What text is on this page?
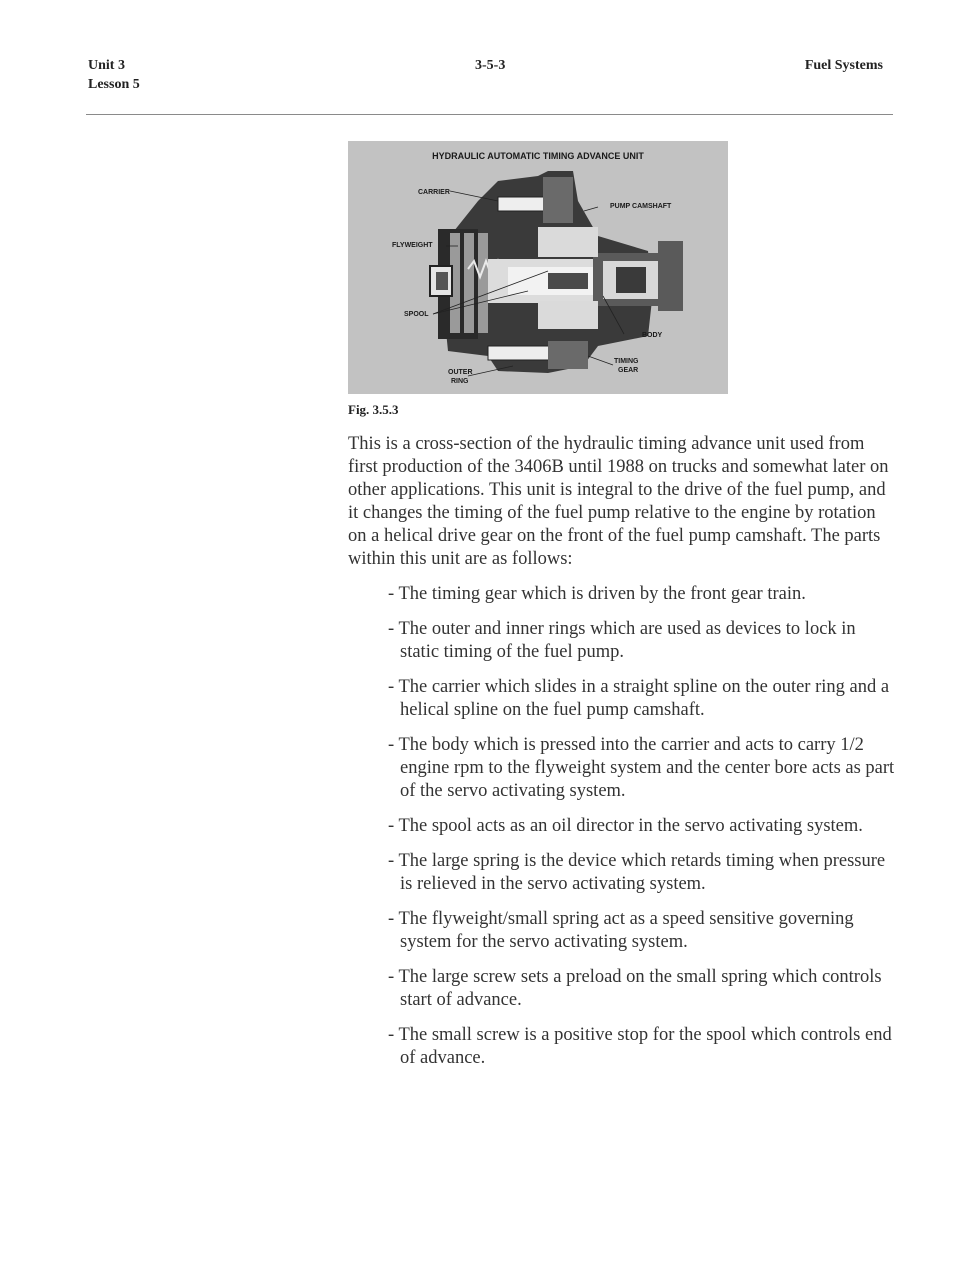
Unit 3
Lesson 5
3-5-3	Fuel Systems
HYDRAULIC AUTOMATIC TIMING ADVANCE UNIT
CARRIER
FLYWEIGHT
SPOOL
OUTER
RING
PUMP CAMSHAFT
BODY
TIMING
GEAR
Fig. 3.5.3

This is a cross-section of the hydraulic timing advance unit used from first production of the 3406B until 1988 on trucks and somewhat later on other applications. This unit is integral to the drive of the fuel pump, and it changes the timing of the fuel pump relative to the engine by rotation on a helical drive gear on the front of the fuel pump camshaft. The parts within this unit are as follows:

- The timing gear which is driven by the front gear train.
- The outer and inner rings which are used as devices to lock in static timing of the fuel pump.
- The carrier which slides in a straight spline on the outer ring and a helical spline on the fuel pump camshaft.
- The body which is pressed into the carrier and acts to carry 1/2 engine rpm to the flyweight system and the center bore acts as part of the servo activating system.
- The spool acts as an oil director in the servo activating system.
- The large spring is the device which retards timing when pressure is relieved in the servo activating system.
- The flyweight/small spring act as a speed sensitive governing system for the servo activating system.
- The large screw sets a preload on the small spring which controls start of advance.
- The small screw is a positive stop for the spool which controls end of advance.
